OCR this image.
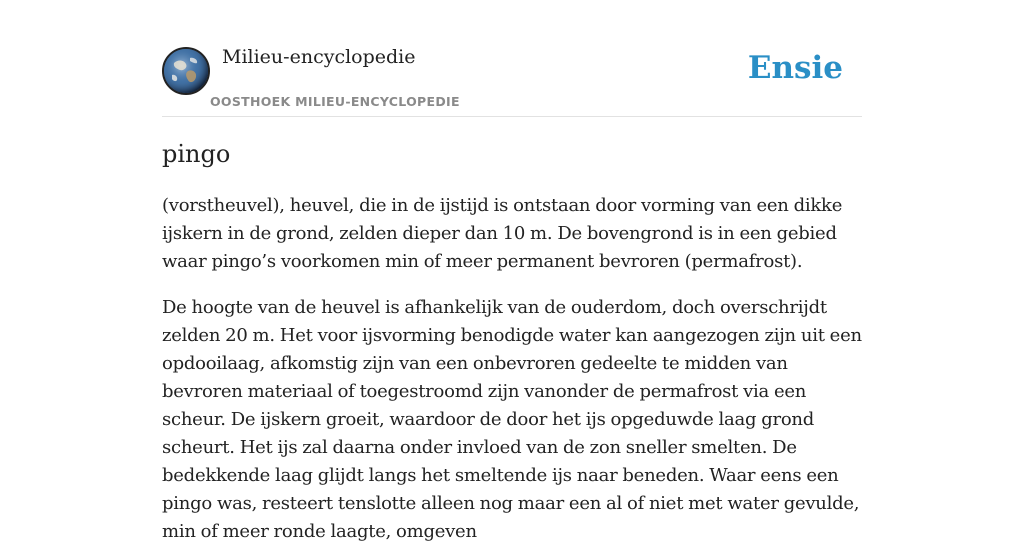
Milieu-encyclopedie
OOSTHOEK MILIEU-ENCYCLOPEDIE
Ensie
pingo

(vorstheuvel), heuvel, die in de ijstijd is ontstaan door vorming van een dikke ijskern in de grond, zelden dieper dan 10 m. De bovengrond is in een gebied waar pingo’s voorkomen min of meer permanent bevroren (permafrost).

De hoogte van de heuvel is afhankelijk van de ouderdom, doch overschrijdt zelden 20 m. Het voor ijsvorming benodigde water kan aangezogen zijn uit een opdooilaag, afkomstig zijn van een onbevroren gedeelte te midden van bevroren materiaal of toegestroomd zijn vanonder de permafrost via een scheur. De ijskern groeit, waardoor de door het ijs opgeduwde laag grond scheurt. Het ijs zal daarna onder invloed van de zon sneller smelten. De bedekkende laag glijdt langs het smeltende ijs naar beneden. Waar eens een pingo was, resteert tenslotte alleen nog maar een al of niet met water gevulde, min of meer ronde laagte, omgeven
